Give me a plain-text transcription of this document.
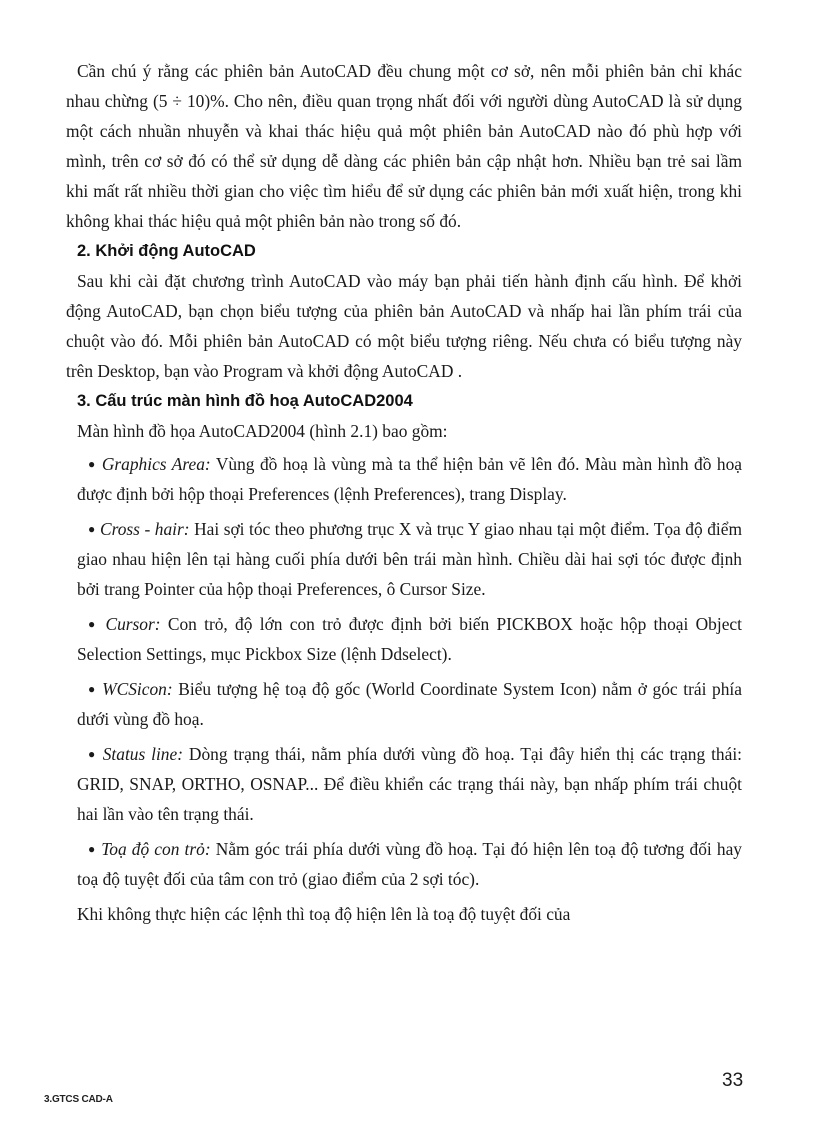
Cần chú ý rằng các phiên bản AutoCAD đều chung một cơ sở, nên mỗi phiên bản chỉ khác nhau chừng (5 ÷ 10)%. Cho nên, điều quan trọng nhất đối với người dùng AutoCAD là sử dụng một cách nhuần nhuyễn và khai thác hiệu quả một phiên bản AutoCAD nào đó phù hợp với mình, trên cơ sở đó có thể sử dụng dễ dàng các phiên bản cập nhật hơn. Nhiều bạn trẻ sai lầm khi mất rất nhiều thời gian cho việc tìm hiểu để sử dụng các phiên bản mới xuất hiện, trong khi không khai thác hiệu quả một phiên bản nào trong số đó.

2. Khởi động AutoCAD

Sau khi cài đặt chương trình AutoCAD vào máy bạn phải tiến hành định cấu hình. Để khởi động AutoCAD, bạn chọn biểu tượng của phiên bản AutoCAD và nhấp hai lần phím trái của chuột vào đó. Mỗi phiên bản AutoCAD có một biểu tượng riêng. Nếu chưa có biểu tượng này trên Desktop, bạn vào Program và khởi động AutoCAD .

3. Cấu trúc màn hình đồ hoạ AutoCAD2004

Màn hình đồ họa AutoCAD2004 (hình 2.1) bao gồm:

● Graphics Area: Vùng đồ hoạ là vùng mà ta thể hiện bản vẽ lên đó. Màu màn hình đồ hoạ được định bởi hộp thoại Preferences (lệnh Preferences), trang Display.

● Cross - hair: Hai sợi tóc theo phương trục X và trục Y giao nhau tại một điểm. Tọa độ điểm giao nhau hiện lên tại hàng cuối phía dưới bên trái màn hình. Chiều dài hai sợi tóc được định bởi trang Pointer của hộp thoại Preferences, ô Cursor Size.

● Cursor: Con trỏ, độ lớn con trỏ được định bởi biến PICKBOX hoặc hộp thoại Object Selection Settings, mục Pickbox Size (lệnh Ddselect).

● WCSicon: Biểu tượng hệ toạ độ gốc (World Coordinate System Icon) nằm ở góc trái phía dưới vùng đồ hoạ.

● Status line: Dòng trạng thái, nằm phía dưới vùng đồ hoạ. Tại đây hiển thị các trạng thái: GRID, SNAP, ORTHO, OSNAP... Để điều khiển các trạng thái này, bạn nhấp phím trái chuột hai lần vào tên trạng thái.

● Toạ độ con trỏ: Nằm góc trái phía dưới vùng đồ hoạ. Tại đó hiện lên toạ độ tương đối hay toạ độ tuyệt đối của tâm con trỏ (giao điểm của 2 sợi tóc).

Khi không thực hiện các lệnh thì toạ độ hiện lên là toạ độ tuyệt đối của

33
3.GTCS CAD-A
